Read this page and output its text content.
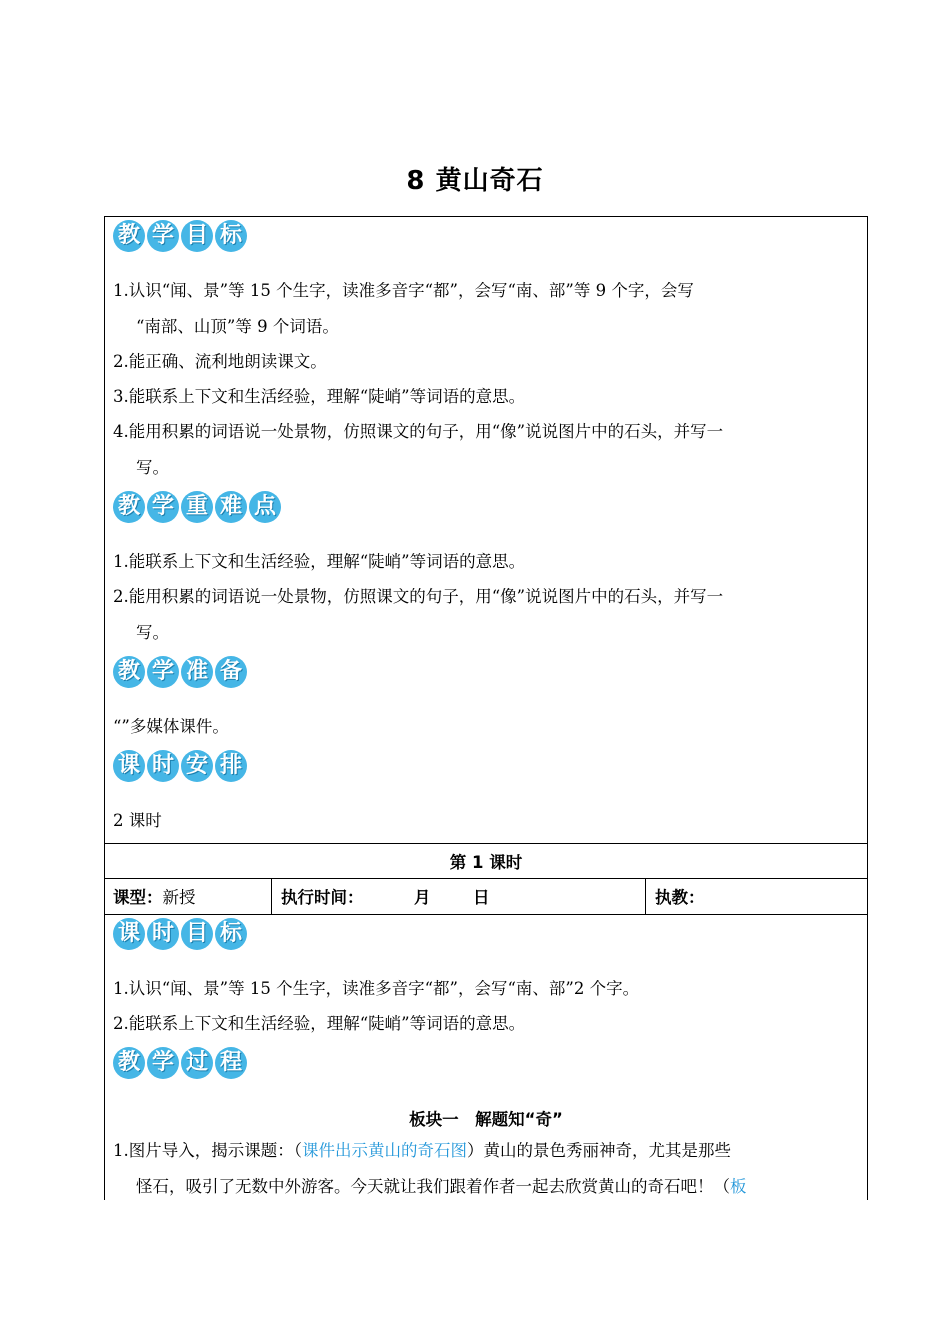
8 黄山奇石
教 学 目 标
1.认识“闻、景”等 15 个生字，读准多音字“都”，会写“南、部”等 9 个字，会写
“南部、山顶”等 9 个词语。
2.能正确、流利地朗读课文。
3.能联系上下文和生活经验，理解“陡峭”等词语的意思。
4.能用积累的词语说一处景物，仿照课文的句子，用“像”说说图片中的石头，并写一
写。
教 学 重 难 点
1.能联系上下文和生活经验，理解“陡峭”等词语的意思。
2.能用积累的词语说一处景物，仿照课文的句子，用“像”说说图片中的石头，并写一
写。
教 学 准 备
“”多媒体课件。
课 时 安 排
2 课时
第 1 课时
课型：新授	执行时间：	月	日	执教：
课 时 目 标
1.认识“闻、景”等 15 个生字，读准多音字“都”，会写“南、部”2 个字。
2.能联系上下文和生活经验，理解“陡峭”等词语的意思。
教 学 过 程
板块一　解题知“奇”
1.图片导入，揭示课题：（课件出示黄山的奇石图）黄山的景色秀丽神奇，尤其是那些
怪石，吸引了无数中外游客。今天就让我们跟着作者一起去欣赏黄山的奇石吧！（板
